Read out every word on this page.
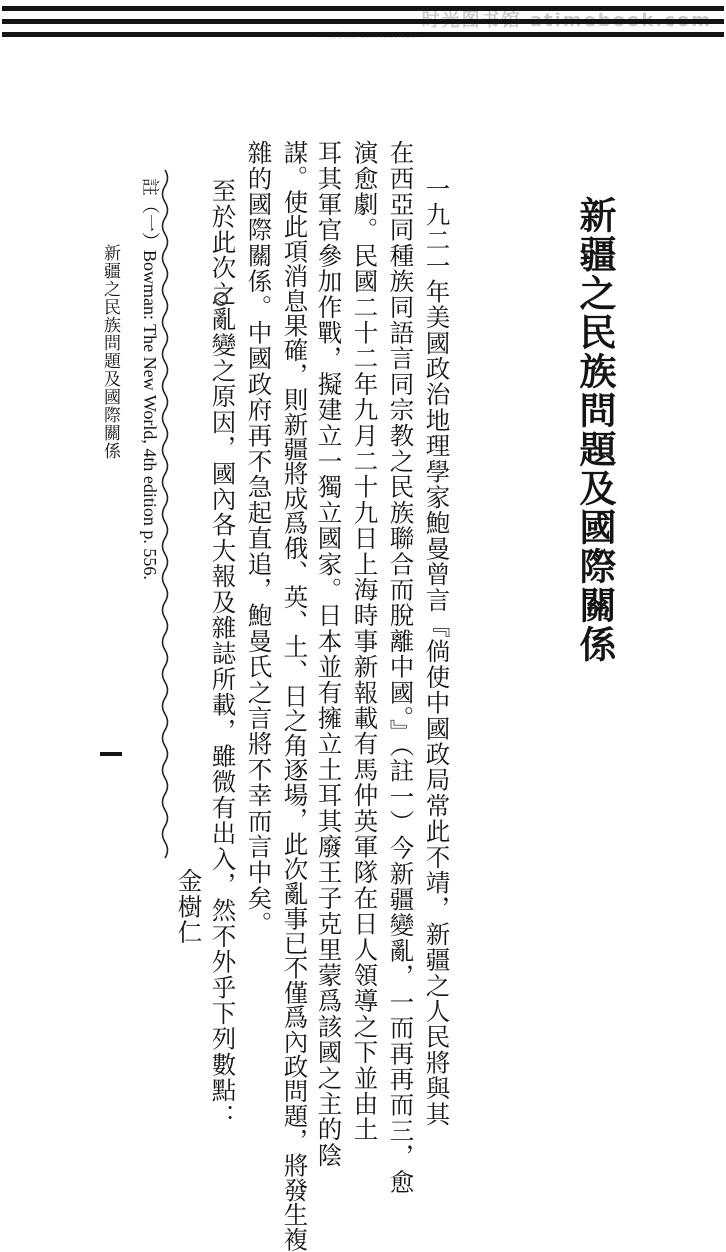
新疆之民族問題及國際關係
一九二一年美國政治地理學家鮑曼曾言『倘使中國政局常此不靖，新疆之人民將與其
在西亞同種族同語言同宗教之民族聯合而脫離中國。』（註一）今新疆變亂，一而再再而三，愈
演愈劇。民國二十二年九月二十九日上海時事新報載有馬仲英軍隊在日人領導之下並由土
耳其軍官參加作戰，擬建立一獨立國家。日本並有擁立土耳其廢王子克里蒙爲該國之主的陰
謀。使此項消息果確，則新疆將成爲俄、英、土、日之角逐場，此次亂事已不僅爲內政問題，將發生複
雜的國際關係。中國政府再不急起直追，鮑曼氏之言將不幸而言中矣。
至於此次之亂變之原因，國內各大報及雜誌所載，雖微有出入，然不外乎下列數點：
金樹仁
註（一）Bowman: The New World, 4th edition p. 556.
新疆之民族問題及國際關係
